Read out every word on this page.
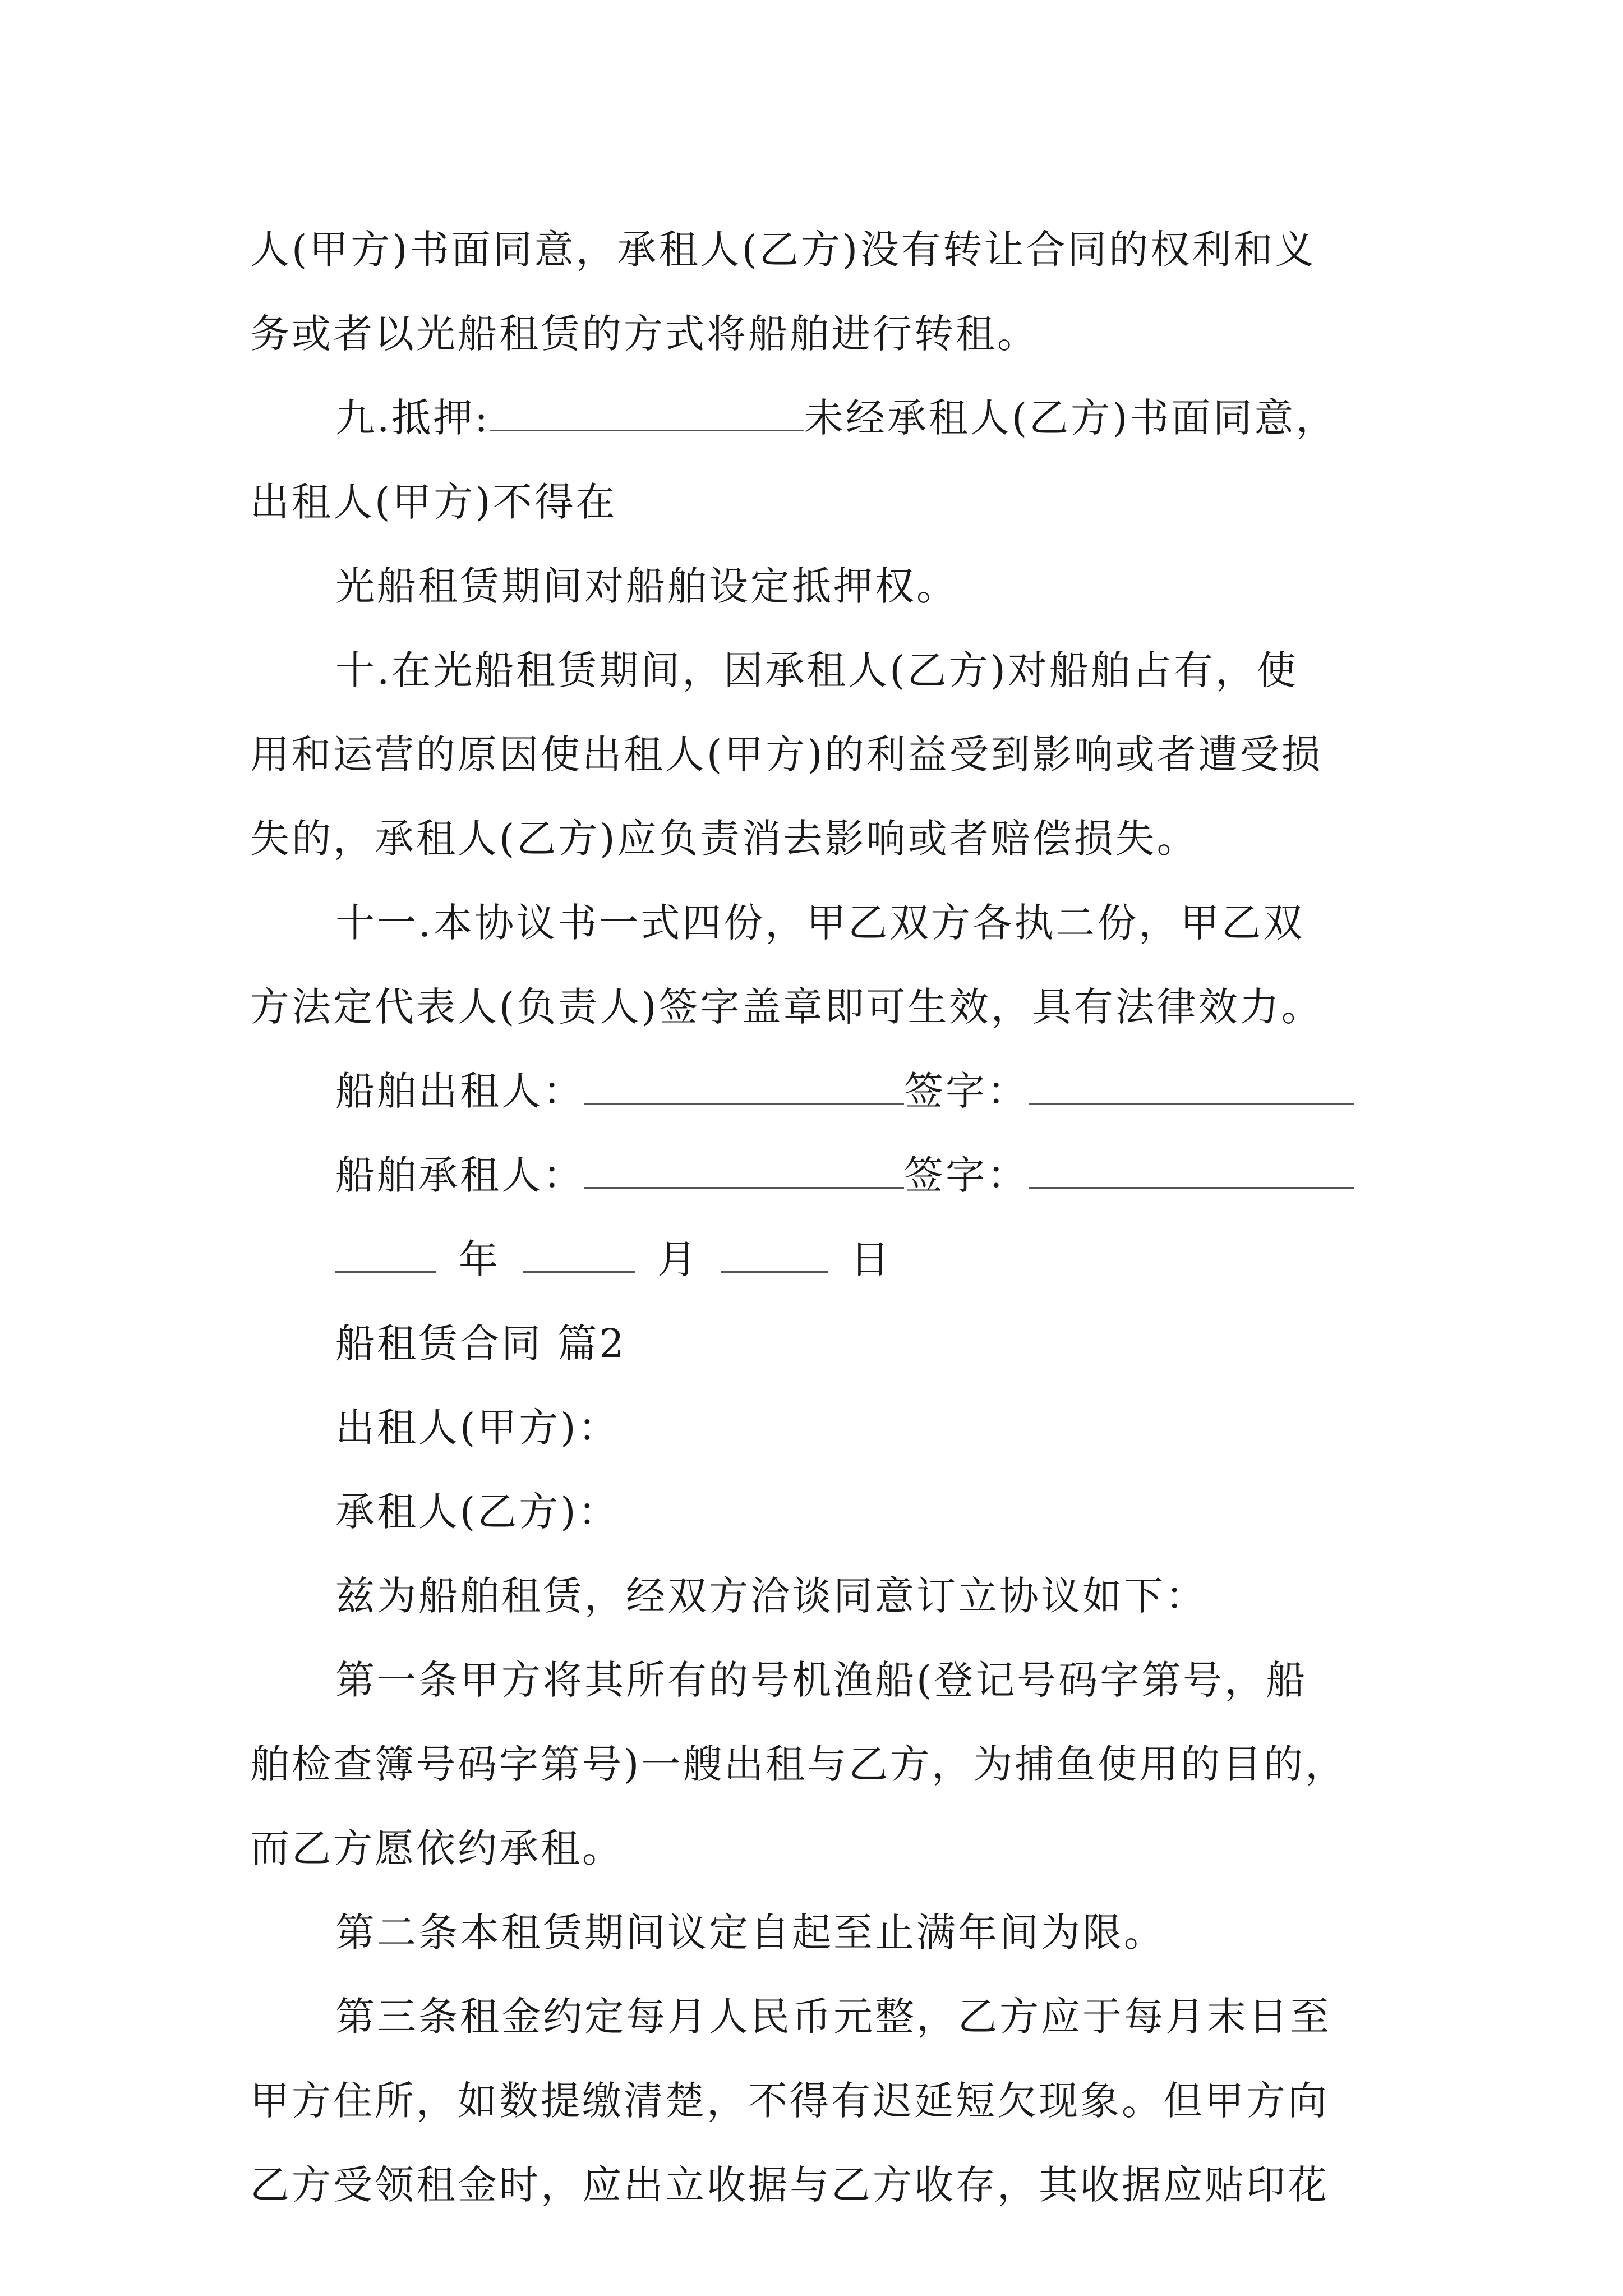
人(甲方)书面同意，承租人(乙方)没有转让合同的权利和义
务或者以光船租赁的方式将船舶进行转租。
九.抵押:	未经承租人(乙方)书面同意，
出租人(甲方)不得在
光船租赁期间对船舶设定抵押权。
十.在光船租赁期间，因承租人(乙方)对船舶占有，使
用和运营的原因使出租人(甲方)的利益受到影响或者遭受损
失的，承租人(乙方)应负责消去影响或者赔偿损失。
十一.本协议书一式四份，甲乙双方各执二份，甲乙双
方法定代表人(负责人)签字盖章即可生效，具有法律效力。
船舶出租人：	签字：
船舶承租人：	签字：
年	月	日
船租赁合同 篇2
出租人(甲方)：
承租人(乙方)：
兹为船舶租赁，经双方洽谈同意订立协议如下：
第一条甲方将其所有的号机渔船(登记号码字第号，船
舶检查簿号码字第号)一艘出租与乙方，为捕鱼使用的目的，
而乙方愿依约承租。
第二条本租赁期间议定自起至止满年间为限。
第三条租金约定每月人民币元整，乙方应于每月末日至
甲方住所，如数提缴清楚，不得有迟延短欠现象。但甲方向
乙方受领租金时，应出立收据与乙方收存，其收据应贴印花
